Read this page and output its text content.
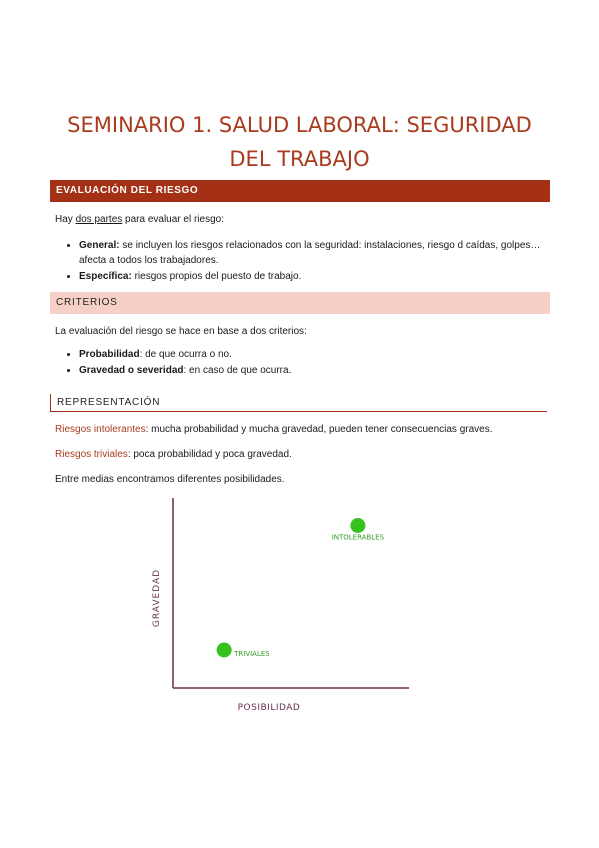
SEMINARIO 1. SALUD LABORAL: SEGURIDAD DEL TRABAJO
EVALUACIÓN DEL RIESGO
Hay dos partes para evaluar el riesgo:
• General: se incluyen los riesgos relacionados con la seguridad: instalaciones, riesgo d caídas, golpes… afecta a todos los trabajadores.
• Específica: riesgos propios del puesto de trabajo.
CRITERIOS
La evaluación del riesgo se hace en base a dos criterios:
• Probabilidad: de que ocurra o no.
• Gravedad o severidad: en caso de que ocurra.
REPRESENTACIÓN
Riesgos intolerantes: mucha probabilidad y mucha gravedad, pueden tener consecuencias graves.
Riesgos triviales: poca probabilidad y poca gravedad.
Entre medias encontramos diferentes posibilidades.
GRAVEDAD
POSIBILIDAD
TRIVIALES
INTOLERABLES
